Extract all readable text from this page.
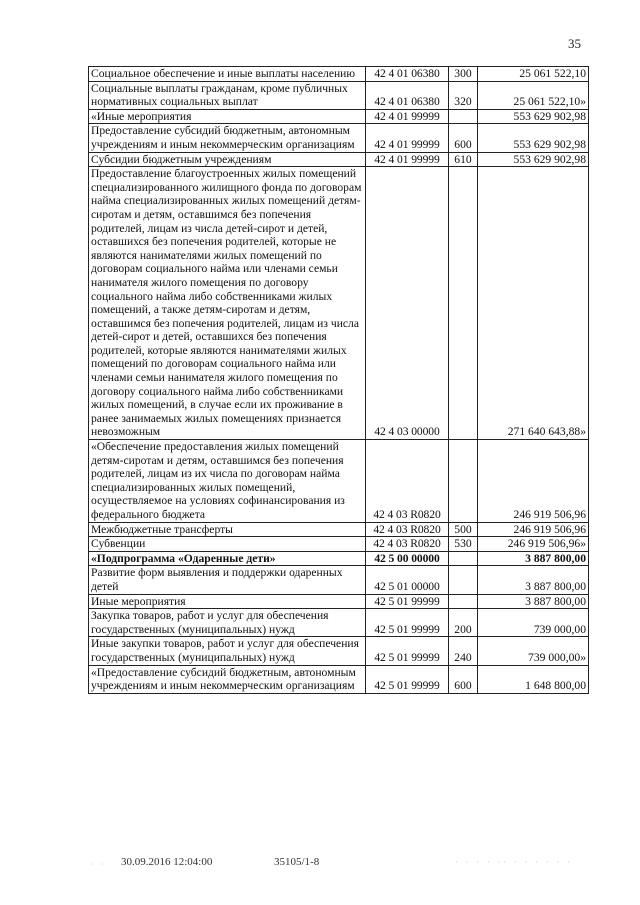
35
Социальное обеспечение и иные выплаты населению	42 4 01 06380	300	25 061 522,10
Социальные выплаты гражданам, кроме публичных нормативных социальных выплат	42 4 01 06380	320	25 061 522,10»
«Иные мероприятия	42 4 01 99999		553 629 902,98
Предоставление субсидий бюджетным, автономным учреждениям и иным некоммерческим организациям	42 4 01 99999	600	553 629 902,98
Субсидии бюджетным учреждениям	42 4 01 99999	610	553 629 902,98
Предоставление благоустроенных жилых помещений специализированного жилищного фонда по договорам найма специализированных жилых помещений детям-сиротам и детям, оставшимся без попечения родителей, лицам из числа детей-сирот и детей, оставшихся без попечения родителей, которые не являются нанимателями жилых помещений по договорам социального найма или членами семьи нанимателя жилого помещения по договору социального найма либо собственниками жилых помещений, а также детям-сиротам и детям, оставшимся без попечения родителей, лицам из числа детей-сирот и детей, оставшихся без попечения родителей, которые являются нанимателями жилых помещений по договорам социального найма или членами семьи нанимателя жилого помещения по договору социального найма либо собственниками жилых помещений, в случае если их проживание в ранее занимаемых жилых помещениях признается невозможным	42 4 03 00000		271 640 643,88»
«Обеспечение предоставления жилых помещений детям-сиротам и детям, оставшимся без попечения родителей, лицам из их числа по договорам найма специализированных жилых помещений, осуществляемое на условиях софинансирования из федерального бюджета	42 4 03 R0820		246 919 506,96
Межбюджетные трансферты	42 4 03 R0820	500	246 919 506,96
Субвенции	42 4 03 R0820	530	246 919 506,96»
«Подпрограмма «Одаренные дети»	42 5 00 00000		3 887 800,00
Развитие форм выявления и поддержки одаренных детей	42 5 01 00000		3 887 800,00
Иные мероприятия	42 5 01 99999		3 887 800,00
Закупка товаров, работ и услуг для обеспечения государственных (муниципальных) нужд	42 5 01 99999	200	739 000,00
Иные закупки товаров, работ и услуг для обеспечения государственных (муниципальных) нужд	42 5 01 99999	240	739 000,00»
«Предоставление субсидий бюджетным, автономным учреждениям и иным некоммерческим организациям	42 5 01 99999	600	1 648 800,00
30.09.2016 12:04:00	35105/1-8
· ·	· · · · ·· · · · · · ·
